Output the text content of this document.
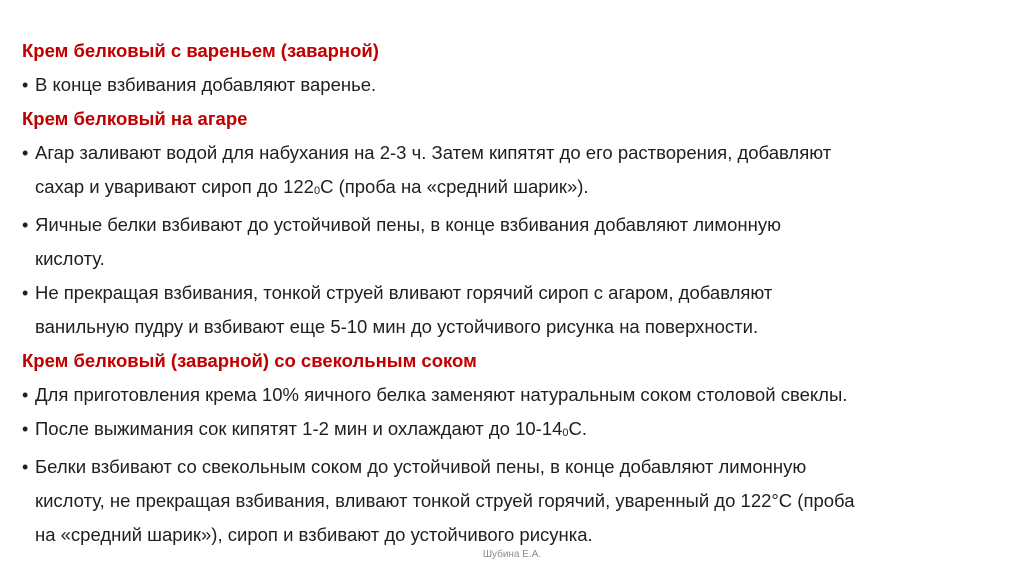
Крем белковый с вареньем (заварной)
• В конце взбивания добавляют варенье.
Крем белковый на агаре
• Агар заливают водой для набухания на 2-3 ч. Затем кипятят до его растворения, добавляют
сахар и уваривают сироп до $122_0С$ (проба на «средний шарик»).
• Яичные белки взбивают до устойчивой пены, в конце взбивания добавляют лимонную
кислоту.
• Не прекращая взбивания, тонкой струей вливают горячий сироп с агаром, добавляют
ванильную пудру и взбивают еще 5-10 мин до устойчивого рисунка на поверхности.
Крем белковый (заварной) со свекольным соком
• Для приготовления крема 10% яичного белка заменяют натуральным соком столовой свеклы.
• После выжимания сок кипятят 1-2 мин и охлаждают до $10-14_0С$.
• Белки взбивают со свекольным соком до устойчивой пены, в конце добавляют лимонную
кислоту, не прекращая взбивания, вливают тонкой струей горячий, уваренный до 122°С (проба
на «средний шарик»), сироп и взбивают до устойчивого рисунка.
Шубина Е.А.
